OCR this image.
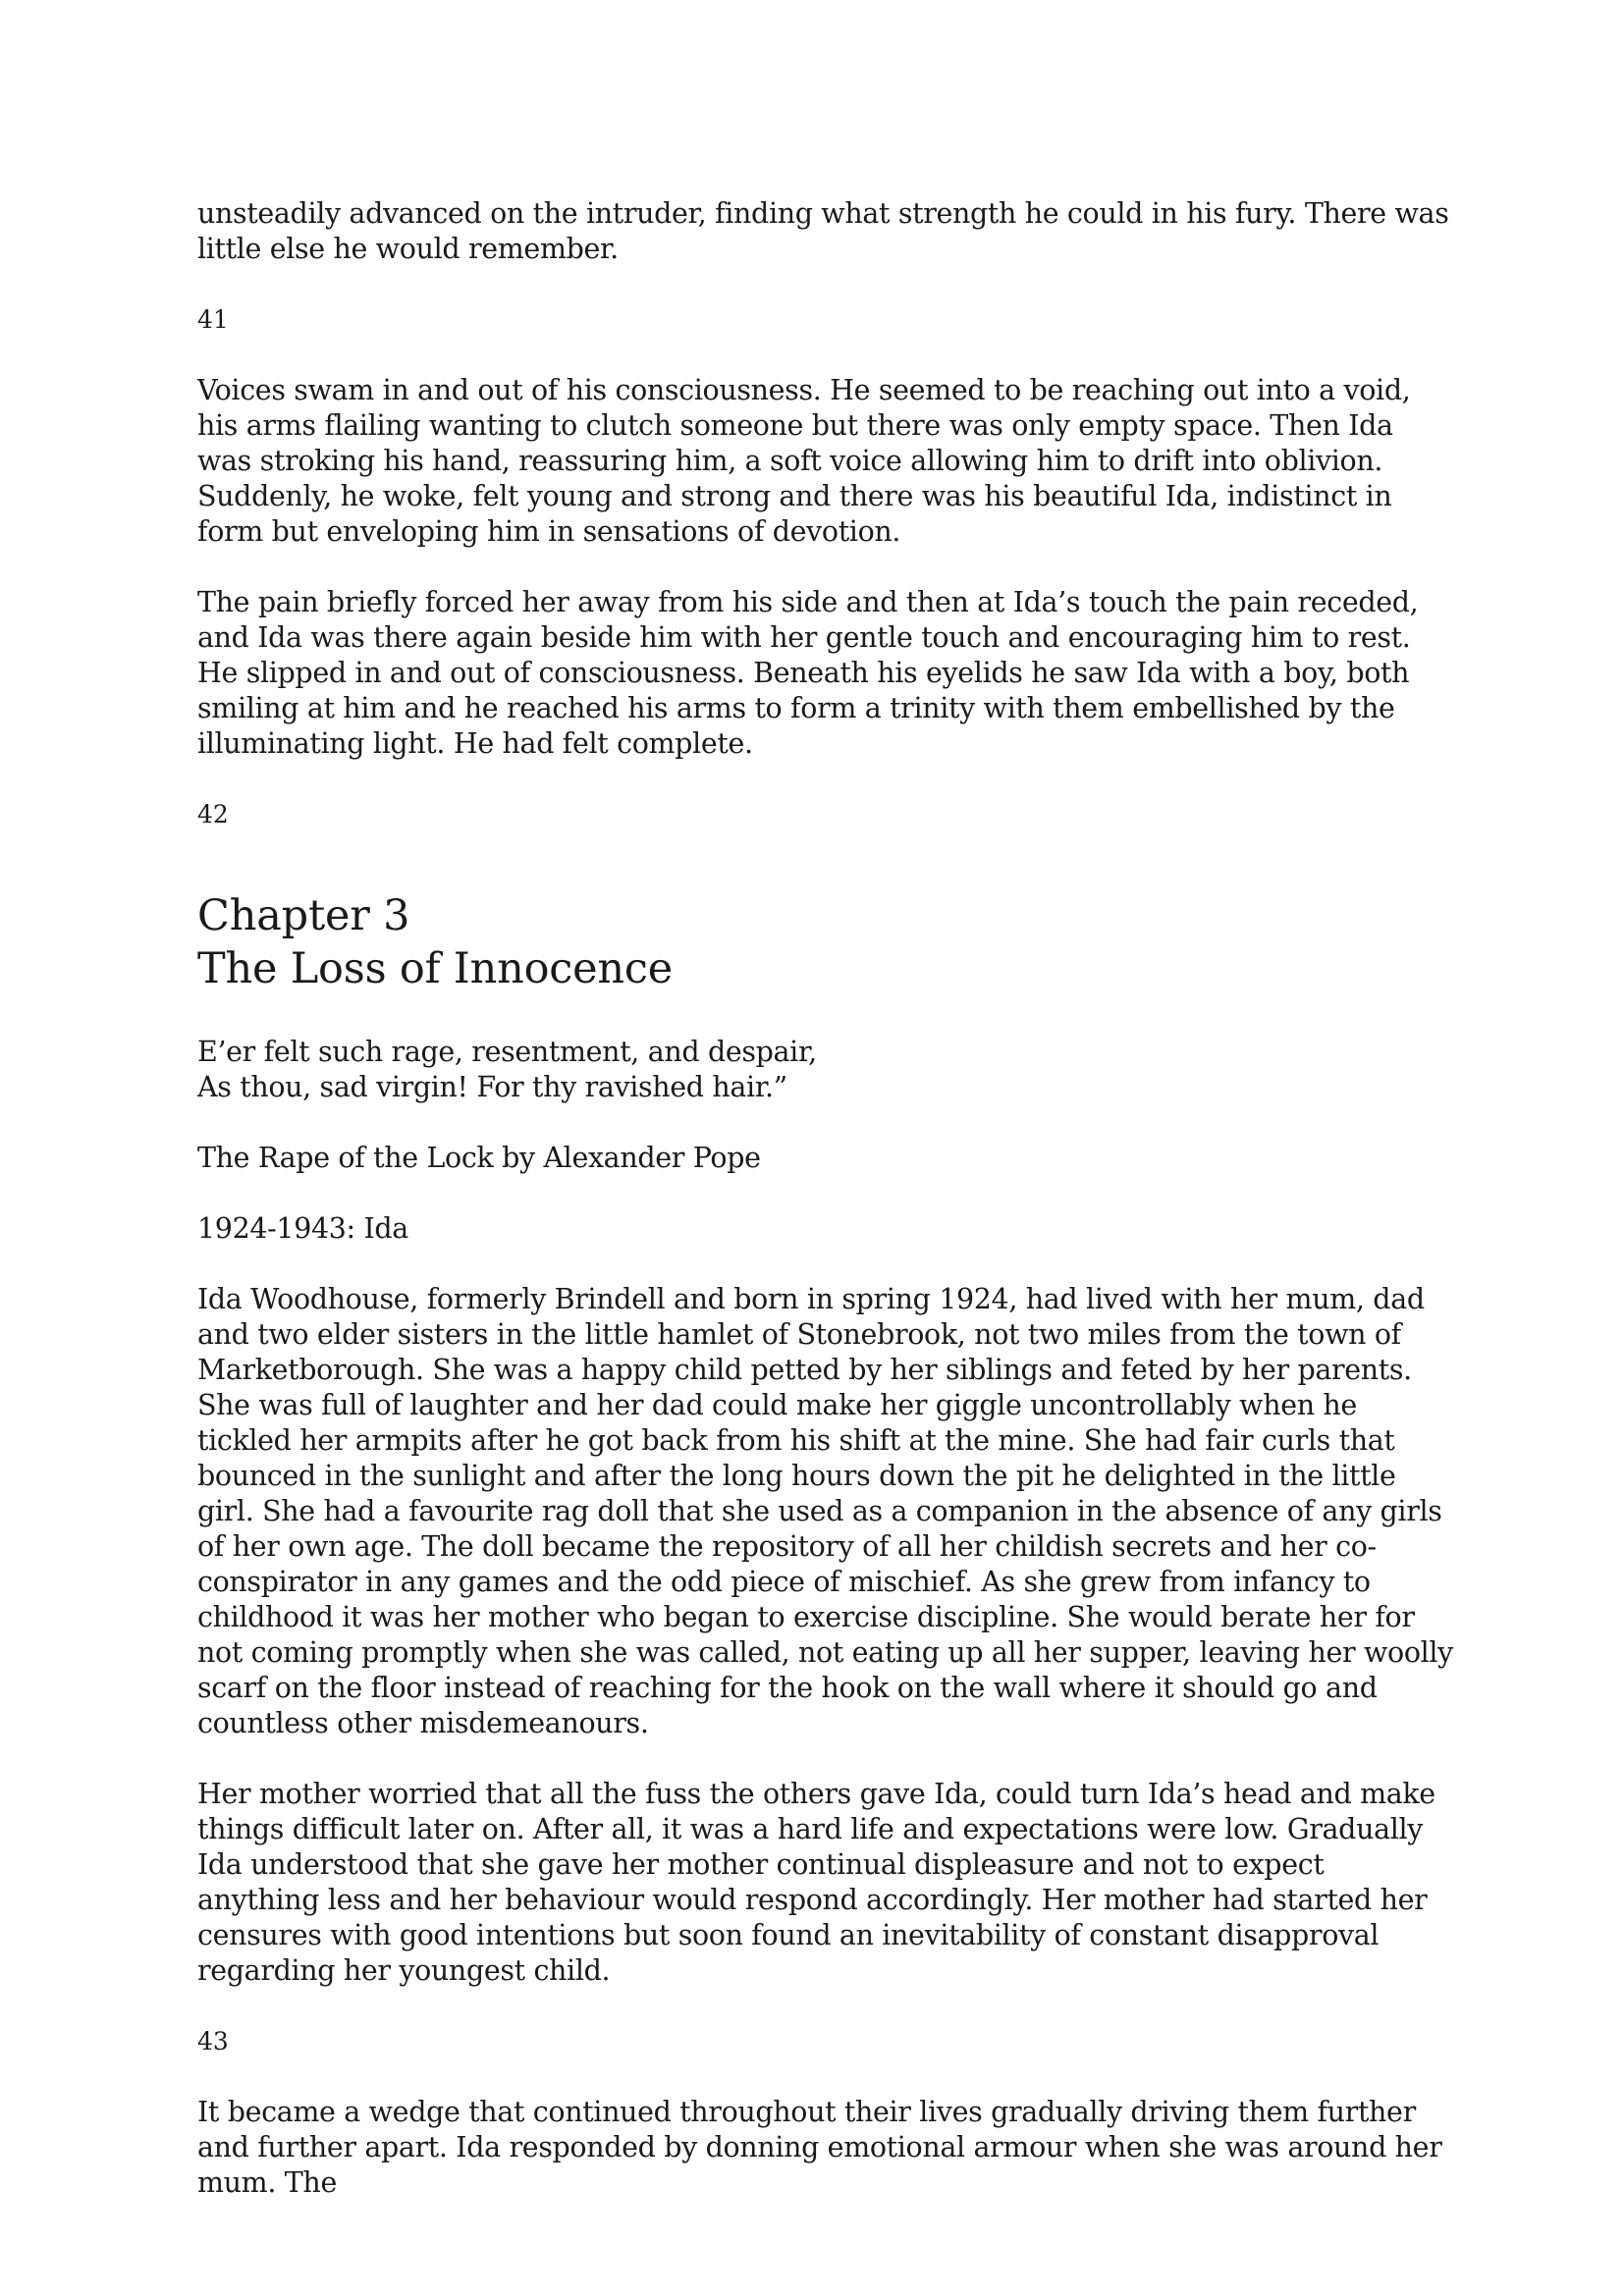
unsteadily advanced on the intruder, finding what strength he could in his fury. There was little else he would remember.

41

Voices swam in and out of his consciousness. He seemed to be reaching out into a void, his arms flailing wanting to clutch someone but there was only empty space. Then Ida was stroking his hand, reassuring him, a soft voice allowing him to drift into oblivion. Suddenly, he woke, felt young and strong and there was his beautiful Ida, indistinct in form but enveloping him in sensations of devotion.

The pain briefly forced her away from his side and then at Ida’s touch the pain receded, and Ida was there again beside him with her gentle touch and encouraging him to rest. He slipped in and out of consciousness. Beneath his eyelids he saw Ida with a boy, both smiling at him and he reached his arms to form a trinity with them embellished by the illuminating light. He had felt complete.

42

Chapter 3
The Loss of Innocence

E’er felt such rage, resentment, and despair,
As thou, sad virgin! For thy ravished hair.”

The Rape of the Lock by Alexander Pope

1924-1943: Ida

Ida Woodhouse, formerly Brindell and born in spring 1924, had lived with her mum, dad and two elder sisters in the little hamlet of Stonebrook, not two miles from the town of Marketborough. She was a happy child petted by her siblings and feted by her parents. She was full of laughter and her dad could make her giggle uncontrollably when he tickled her armpits after he got back from his shift at the mine. She had fair curls that bounced in the sunlight and after the long hours down the pit he delighted in the little girl. She had a favourite rag doll that she used as a companion in the absence of any girls of her own age. The doll became the repository of all her childish secrets and her co-conspirator in any games and the odd piece of mischief. As she grew from infancy to childhood it was her mother who began to exercise discipline. She would berate her for not coming promptly when she was called, not eating up all her supper, leaving her woolly scarf on the floor instead of reaching for the hook on the wall where it should go and countless other misdemeanours.

Her mother worried that all the fuss the others gave Ida, could turn Ida’s head and make things difficult later on. After all, it was a hard life and expectations were low. Gradually Ida understood that she gave her mother continual displeasure and not to expect anything less and her behaviour would respond accordingly. Her mother had started her censures with good intentions but soon found an inevitability of constant disapproval regarding her youngest child.

43

It became a wedge that continued throughout their lives gradually driving them further and further apart. Ida responded by donning emotional armour when she was around her mum. The
